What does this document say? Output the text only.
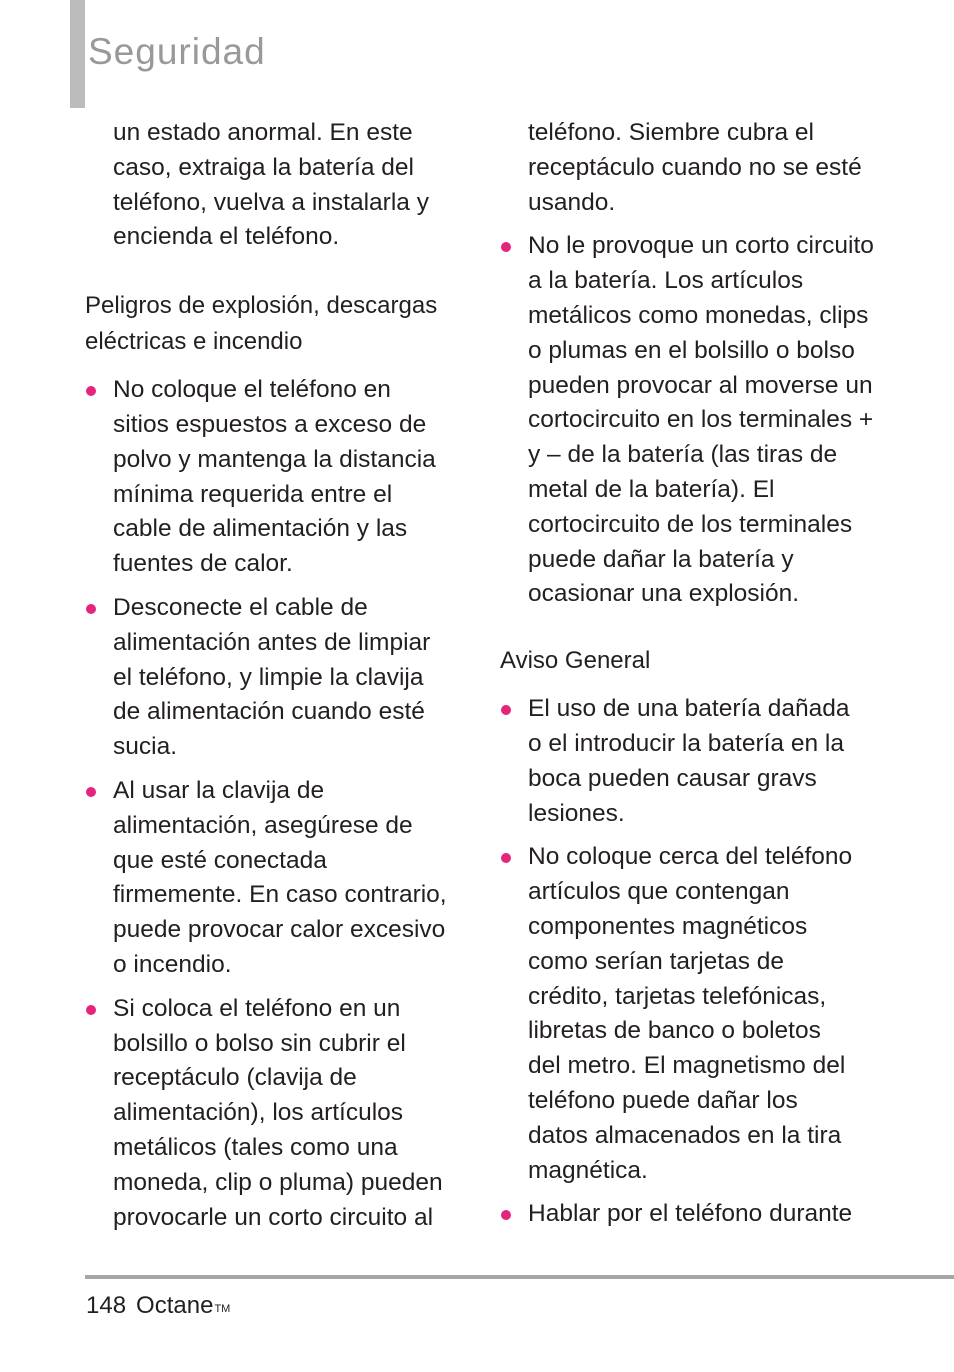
Seguridad

un estado anormal. En este
caso, extraiga la batería del
teléfono, vuelva a instalarla y
encienda el teléfono.

Peligros de explosión, descargas
eléctricas e incendio

No coloque el teléfono en
sitios espuestos a exceso de
polvo y mantenga la distancia
mínima requerida entre el
cable de alimentación y las
fuentes de calor.
Desconecte el cable de
alimentación antes de limpiar
el teléfono, y limpie la clavija
de alimentación cuando esté
sucia.
Al usar la clavija de
alimentación, asegúrese de
que esté conectada
firmemente. En caso contrario,
puede provocar calor excesivo
o incendio.
Si coloca el teléfono en un
bolsillo o bolso sin cubrir el
receptáculo (clavija de
alimentación), los artículos
metálicos (tales como una
moneda, clip o pluma) pueden
provocarle un corto circuito al

teléfono. Siembre cubra el
receptáculo cuando no se esté
usando.

No le provoque un corto circuito
a la batería. Los artículos
metálicos como monedas, clips
o plumas en el bolsillo o bolso
pueden provocar al moverse un
cortocircuito en los terminales +
y – de la batería (las tiras de
metal de la batería). El
cortocircuito de los terminales
puede dañar la batería y
ocasionar una explosión.

Aviso General

El uso de una batería dañada
o el introducir la batería en la
boca pueden causar gravs
lesiones.
No coloque cerca del teléfono
artículos que contengan
componentes magnéticos
como serían tarjetas de
crédito, tarjetas telefónicas,
libretas de banco o boletos
del metro. El magnetismo del
teléfono puede dañar los
datos almacenados en la tira
magnética.
Hablar por el teléfono durante
148 Octane™
